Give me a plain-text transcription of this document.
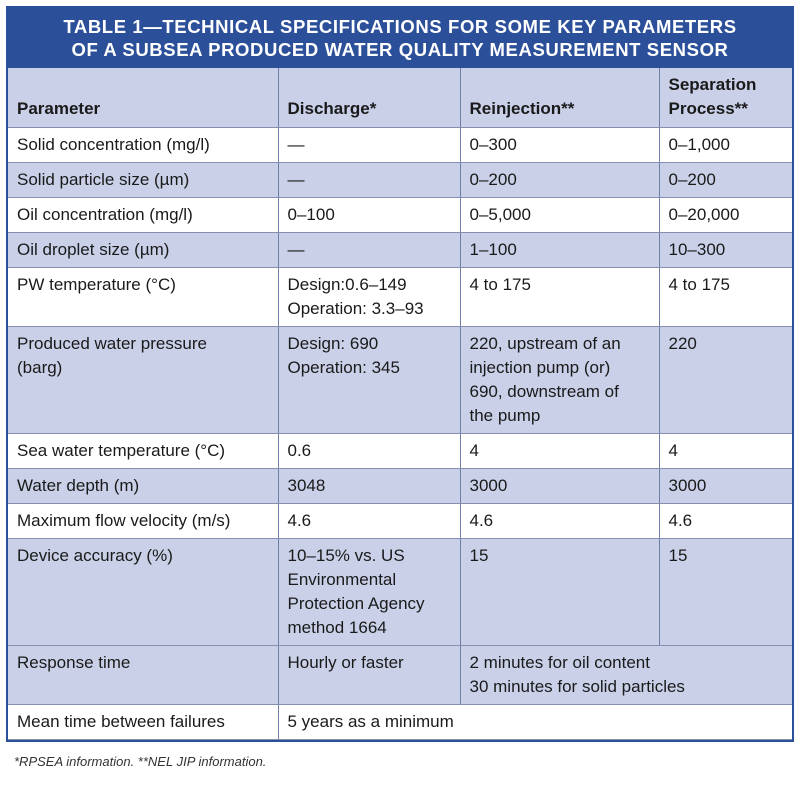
TABLE 1—TECHNICAL SPECIFICATIONS FOR SOME KEY PARAMETERS
OF A SUBSEA PRODUCED WATER QUALITY MEASUREMENT SENSOR
Parameter	Discharge*	Reinjection**	Separation
Process**

Solid concentration (mg/l)	—	0–300	0–1,000

Solid particle size (µm)	—	0–200	0–200

Oil concentration (mg/l)	0–100	0–5,000	0–20,000

Oil droplet size (µm)	—	1–100	10–300

PW temperature (°C)	Design:0.6–149
Operation: 3.3–93	4 to 175	4 to 175

Produced water pressure
(barg)	Design: 690
Operation: 345	220, upstream of an
injection pump (or)
690, downstream of
the pump	220

Sea water temperature (°C)	0.6	4	4

Water depth (m)	3048	3000	3000

Maximum flow velocity (m/s)	4.6	4.6	4.6

Device accuracy (%)	10–15% vs. US
Environmental
Protection Agency
method 1664	15	15

Response time	Hourly or faster	2 minutes for oil content
30 minutes for solid particles	

Mean time between failures	5 years as a minimum		
*RPSEA information. **NEL JIP information.
